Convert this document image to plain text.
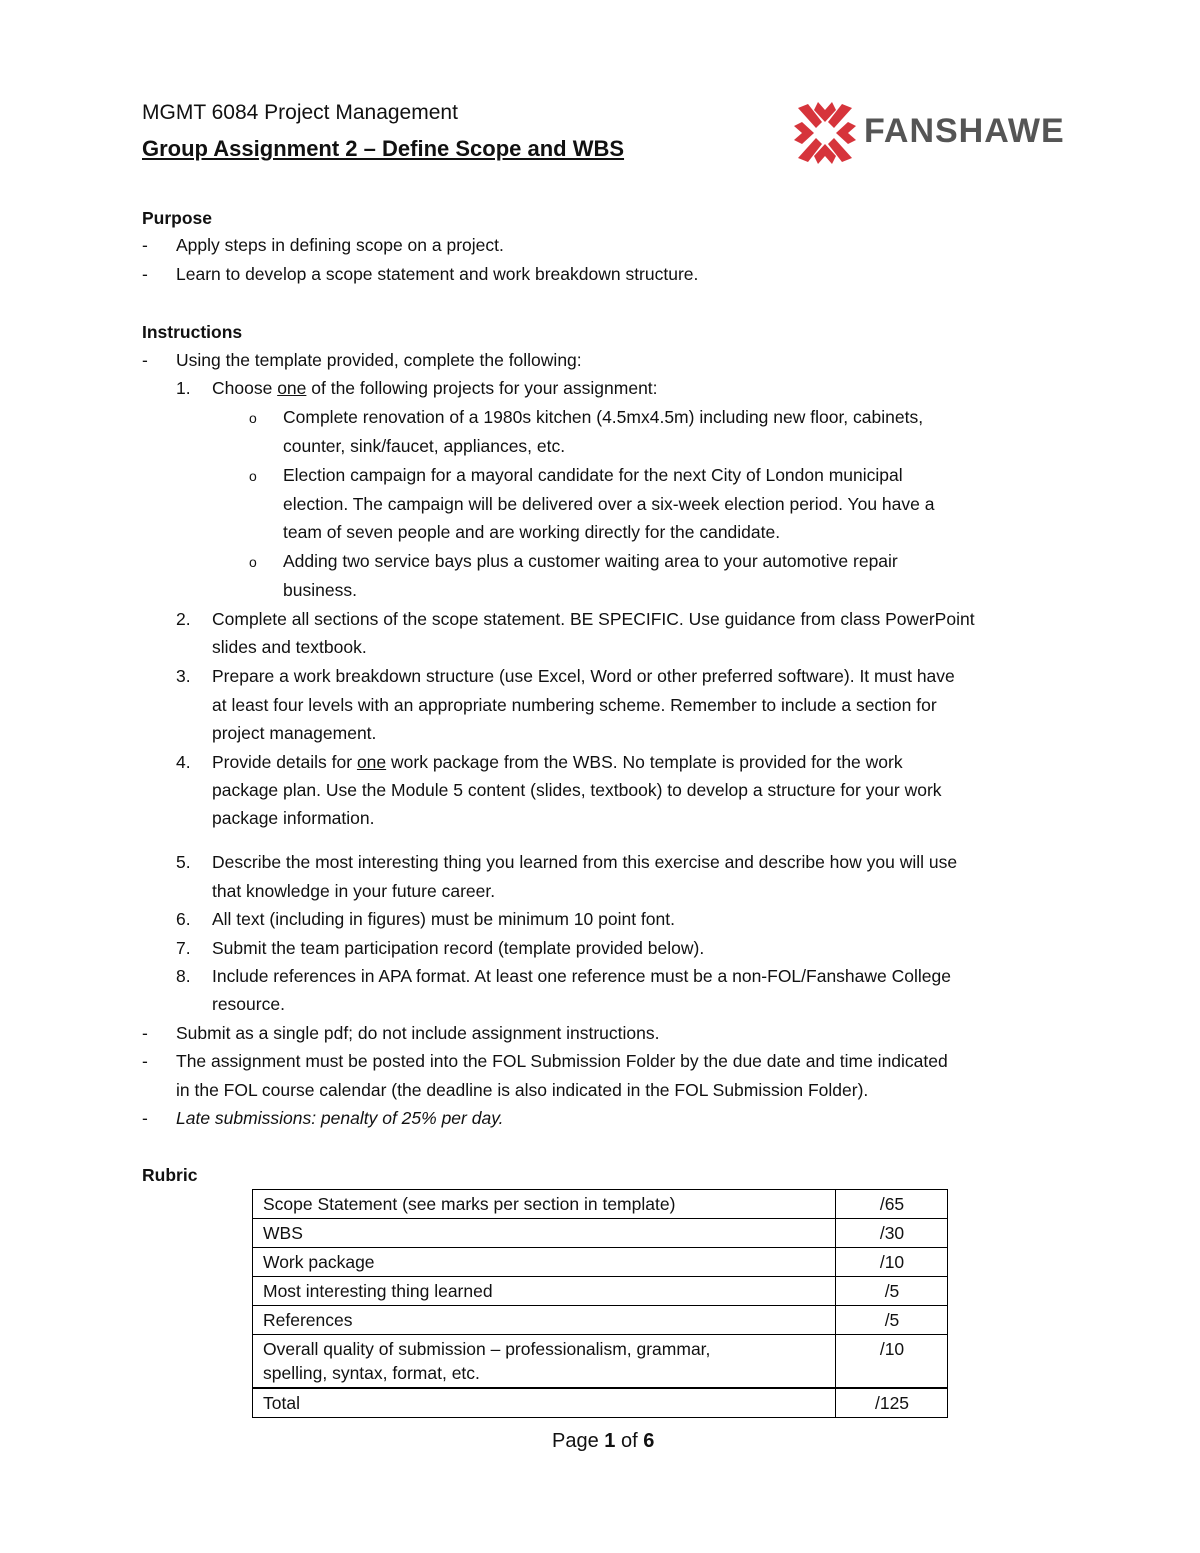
MGMT 6084 Project Management
Group Assignment 2 – Define Scope and WBS	FANSHAWE
Purpose
-	Apply steps in defining scope on a project.
-	Learn to develop a scope statement and work breakdown structure.
Instructions
-	Using the template provided, complete the following:
1.	Choose one of the following projects for your assignment:
o Complete renovation of a 1980s kitchen (4.5mx4.5m) including new floor, cabinets,
counter, sink/faucet, appliances, etc.
o Election campaign for a mayoral candidate for the next City of London municipal
election. The campaign will be delivered over a six-week election period. You have a
team of seven people and are working directly for the candidate.
o Adding two service bays plus a customer waiting area to your automotive repair
business.
2.	Complete all sections of the scope statement. BE SPECIFIC. Use guidance from class PowerPoint
slides and textbook.
3.	Prepare a work breakdown structure (use Excel, Word or other preferred software). It must have
at least four levels with an appropriate numbering scheme. Remember to include a section for
project management.
4.	Provide details for one work package from the WBS. No template is provided for the work
package plan. Use the Module 5 content (slides, textbook) to develop a structure for your work
package information.
5.	Describe the most interesting thing you learned from this exercise and describe how you will use
that knowledge in your future career.
6.	All text (including in figures) must be minimum 10 point font.
7.	Submit the team participation record (template provided below).
8.	Include references in APA format. At least one reference must be a non-FOL/Fanshawe College
resource.
-	Submit as a single pdf; do not include assignment instructions.
-	The assignment must be posted into the FOL Submission Folder by the due date and time indicated
in the FOL course calendar (the deadline is also indicated in the FOL Submission Folder).
-	Late submissions: penalty of 25% per day.
Rubric
Scope Statement (see marks per section in template)	/65
WBS	/30
Work package	/10
Most interesting thing learned	/5
References	/5

Overall quality of submission – professionalism, grammar,
spelling, syntax, format, etc.	/10
Total	/125
Page 1 of 6
